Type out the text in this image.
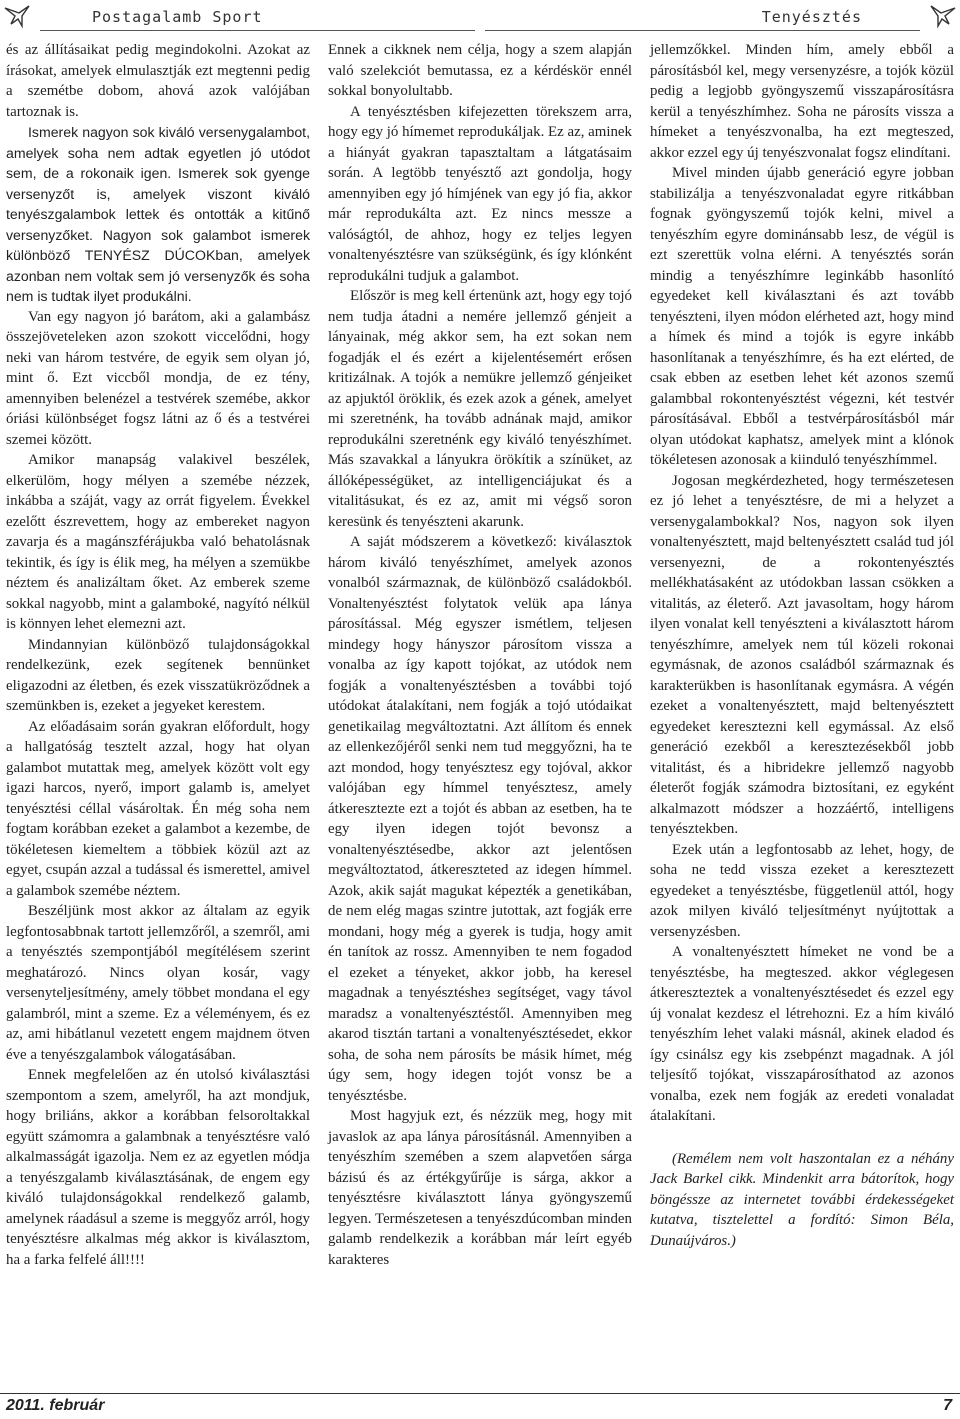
Postagalamb Sport	Tenyésztés

és az állításaikat pedig megindokolni. Azokat az írásokat, amelyek elmulasztják ezt megtenni pedig a szemétbe dobom, ahová azok valójában tartoznak is.

Ismerek nagyon sok kiváló versenygalambot, amelyek soha nem adtak egyetlen jó utódot sem, de a rokonaik igen. Ismerek sok gyenge versenyzőt is, amelyek viszont kiváló tenyészgalambok lettek és ontották a kitűnő versenyzőket. Nagyon sok galambot ismerek különböző TENYÉSZ DÚCOKban, amelyek azonban nem voltak sem jó versenyzők és soha nem is tudtak ilyet produkálni.

Van egy nagyon jó barátom, aki a galambász összejöveteleken azon szokott viccelődni, hogy neki van három testvére, de egyik sem olyan jó, mint ő. Ezt viccből mondja, de ez tény, amennyiben belenézel a testvérek szemébe, akkor óriási különbséget fogsz látni az ő és a testvérei szemei között.

Amikor manapság valakivel beszélek, elkerülöm, hogy mélyen a szemébe nézzek, inkábba a száját, vagy az orrát figyelem. Évekkel ezelőtt észrevettem, hogy az embereket nagyon zavarja és a magánszférájukba való behatolásnak tekintik, és így is élik meg, ha mélyen a szemükbe néztem és analizáltam őket. Az emberek szeme sokkal nagyobb, mint a galamboké, nagyító nélkül is könnyen lehet elemezni azt.

Mindannyian különböző tulajdonságokkal rendelkezünk, ezek segítenek bennünket eligazodni az életben, és ezek visszatükröződnek a szemünkben is, ezeket a jegyeket kerestem.

Az előadásaim során gyakran előfordult, hogy a hallgatóság tesztelt azzal, hogy hat olyan galambot mutattak meg, amelyek között volt egy igazi harcos, nyerő, import galamb is, amelyet tenyésztési céllal vásároltak. Én még soha nem fogtam korábban ezeket a galambot a kezembe, de tökéletesen kiemeltem a többiek közül azt az egyet, csupán azzal a tudással és ismerettel, amivel a galambok szemébe néztem.

Beszéljünk most akkor az általam az egyik legfontosabbnak tartott jellemzőről, a szemről, ami a tenyésztés szempontjából megítélésem szerint meghatározó. Nincs olyan kosár, vagy versenyteljesítmény, amely többet mondana el egy galambról, mint a szeme. Ez a véleményem, és ez az, ami hibátlanul vezetett engem majdnem ötven éve a tenyészgalambok válogatásában.

Ennek megfelelően az én utolsó kiválasztási szempontom a szem, amelyről, ha azt mondjuk, hogy briliáns, akkor a korábban felsoroltakkal együtt számomra a galambnak a tenyésztésre való alkalmasságát igazolja. Nem ez az egyetlen módja a tenyészgalamb kiválasztásának, de engem egy kiváló tulajdonságokkal rendelkező galamb, amelynek ráadásul a szeme is meggyőz arról, hogy tenyésztésre alkalmas még akkor is kiválasztom, ha a farka felfelé áll!!!!

Ennek a cikknek nem célja, hogy a szem alapján való szelekciót bemutassa, ez a kérdéskör ennél sokkal bonyolultabb.

A tenyésztésben kifejezetten törekszem arra, hogy egy jó hímemet reprodukáljak. Ez az, aminek a hiányát gyakran tapasztaltam a látgatásaim során. A legtöbb tenyésztő azt gondolja, hogy amennyiben egy jó hímjének van egy jó fia, akkor már reprodukálta azt. Ez nincs messze a valóságtól, de ahhoz, hogy ez teljes legyen vonaltenyésztésre van szükségünk, és így klónként reprodukálni tudjuk a galambot.

Először is meg kell értenünk azt, hogy egy tojó nem tudja átadni a nemére jellemző génjeit a lányainak, még akkor sem, ha ezt sokan nem fogadják el és ezért a kijelentésemért erősen kritizálnak. A tojók a nemükre jellemző génjeiket az apjuktól öröklik, és ezek azok a gének, amelyet mi szeretnénk, ha tovább adnának majd, amikor reprodukálni szeretnénk egy kiváló tenyészhímet. Más szavakkal a lányukra örökítik a színüket, az állóképességüket, az intelligenciájukat és a vitalitásukat, és ez az, amit mi végső soron keresünk és tenyészteni akarunk.

A saját módszerem a következő: kiválasztok három kiváló tenyészhímet, amelyek azonos vonalból származnak, de különböző családokból. Vonaltenyésztést folytatok velük apa lánya párosítással. Még egyszer ismétlem, teljesen mindegy hogy hányszor párosítom vissza a vonalba az így kapott tojókat, az utódok nem fogják a vonaltenyésztésben a további tojó utódokat átalakítani, nem fogják a tojó utódaikat genetikailag megváltoztatni. Azt állítom és ennek az ellenkezőjéről senki nem tud meggyőzni, ha te azt mondod, hogy tenyésztesz egy tojóval, akkor valójában egy hímmel tenyésztesz, amely átkereszteztе ezt a tojót és abban az esetben, ha te egy ilyen idegen tojót bevonsz a vonaltenyésztésedbe, akkor azt jelentősen megváltoztatod, átkereszteted az idegen hímmel. Azok, akik saját magukat képezték a genetikában, de nem elég magas szintre jutottak, azt fogják erre mondani, hogy még a gyerek is tudja, hogy amit én tanítok az rossz. Amennyiben te nem fogadod el ezeket a tényeket, akkor jobb, ha keresel magadnak a tenyésztésheз segítséget, vagy távol maradsz a vonaltenyésztéstől. Amennyiben meg akarod tisztán tartani a vonaltenyésztésedet, ekkor soha, de soha nem párosíts be másik hímet, még úgy sem, hogy idegen tojót vonsz be a tenyésztésbe.

Most hagyjuk ezt, és nézzük meg, hogy mit javaslok az apa lánya párosításnál. Amennyiben a tenyészhím szemében a szem alapvetően sárga bázisú és az értékgyűrűje is sárga, akkor a tenyésztésre kiválasztott lánya gyöngyszemű legyen. Természetesen a tenyészdúcomban minden galamb rendelkezik a korábban már leírt egyéb karakteres

jellemzőkkel. Minden hím, amely ebből a párosításból kel, megy versenyzésre, a tojók közül pedig a legjobb gyöngyszemű visszapárosításra kerül a tenyészhímhez. Soha ne párosíts vissza a hímeket a tenyészvonalba, ha ezt megteszed, akkor ezzel egy új tenyészvonalat fogsz elindítani.

Mivel minden újabb generáció egyre jobban stabilizálja a tenyészvonaladat egyre ritkábban fognak gyöngyszemű tojók kelni, mivel a tenyészhím egyre dominánsabb lesz, de végül is ezt szerettük volna elérni. A tenyésztés során mindig a tenyészhímre leginkább hasonlító egyedeket kell kiválasztani és azt tovább tenyészteni, ilyen módon elérheted azt, hogy mind a hímek és mind a tojók is egyre inkább hasonlítanak a tenyészhímre, és ha ezt elérted, de csak ebben az esetben lehet két azonos szemű galambbal rokontenyésztést végezni, két testvér párosításával. Ebből a testvérpárosításból már olyan utódokat kaphatsz, amelyek mint a klónok tökéletesen azonosak a kiinduló tenyészhímmel.

Jogosan megkérdezheted, hogy természetesen ez jó lehet a tenyésztésre, de mi a helyzet a versenygalambokkal? Nos, nagyon sok ilyen vonaltenyésztett, majd beltenyésztett család tud jól versenyezni, de a rokontenyésztés mellékhatásaként az utódokban lassan csökken a vitalitás, az életerő. Azt javasoltam, hogy három ilyen vonalat kell tenyészteni a kiválasztott három tenyészhímre, amelyek nem túl közeli rokonai egymásnak, de azonos családból származnak és karakterükben is hasonlítanak egymásra. A végén ezeket a vonaltenyésztett, majd beltenyésztett egyedeket keresztezni kell egymással. Az első generáció ezekből a keresztezésekből jobb vitalitást, és a hibridekre jellemző nagyobb életerőt fogják számodra biztosítani, ez egyként alkalmazott módszer a hozzáértő, intelligens tenyésztekben.

Ezek után a legfontosabb az lehet, hogy, de soha ne tedd vissza ezeket a keresztezett egyedeket a tenyésztésbe, függetlenül attól, hogy azok milyen kiváló teljesítményt nyújtottak a versenyzésben.

A vonaltenyésztett hímeket ne vond be a tenyésztésbe, ha megteszed. akkor véglegesen átkereszteztek a vonaltenyésztésedet és ezzel egy új vonalat kezdesz el létrehozni. Ez a hím kiváló tenyészhím lehet valaki másnál, akinek eladod és így csinálsz egy kis zsebpénzt magadnak. A jól teljesítő tojókat, visszapárosíthatod az azonos vonalba, ezek nem fogják az eredeti vonaladat átalakítani.

(Remélem nem volt haszontalan ez a néhány Jack Barkel cikk. Mindenkit arra bátorítok, hogy böngéssze az internetet további érdekességeket kutatva, tisztelettel a fordító: Simon Béla, Dunaújváros.)

2011. február	7
